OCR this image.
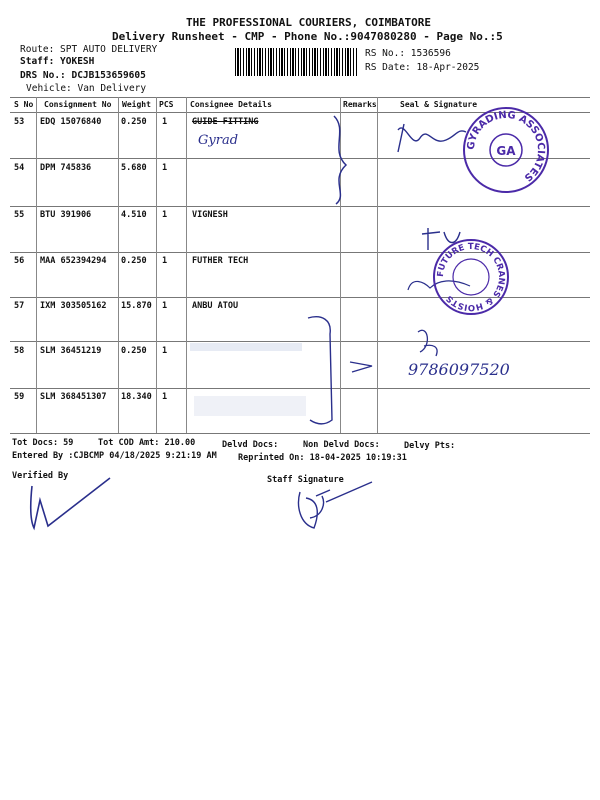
THE PROFESSIONAL COURIERS, COIMBATORE
Delivery Runsheet - CMP - Phone No.:9047080280 - Page No.:5
Route: SPT AUTO DELIVERY
Staff: YOKESH
DRS No.: DCJB153659605
Vehicle: Van Delivery
RS No.: 1536596
RS Date: 18-Apr-2025
S No Consignment No Weight PCS Consignee Details	Remarks	Seal & Signature
53 EDQ 15076840 0.250 1	GUIDE FITTING
54 DPM 745836	5.680 1
55 BTU 391906	4.510 1	VIGNESH
56 MAA 652394294 0.250 1	FUTHER TECH
57 IXM 303505162 15.870 1	ANBU ATOU
58 SLM 36451219 0.250 1
59 SLM 368451307 18.340 1
Gyrad
9786097520
GYRADING ASSOCIATES
GA
FUTURE TECH CRANES & HOISTS
Tot Docs: 59	Tot COD Amt: 210.00	Delvd Docs:	Non Delvd Docs:	Delvy Pts:
Entered By :CJBCMP 04/18/2025 9:21:19 AM	Reprinted On: 18-04-2025 10:19:31
Verified By	Staff Signature
